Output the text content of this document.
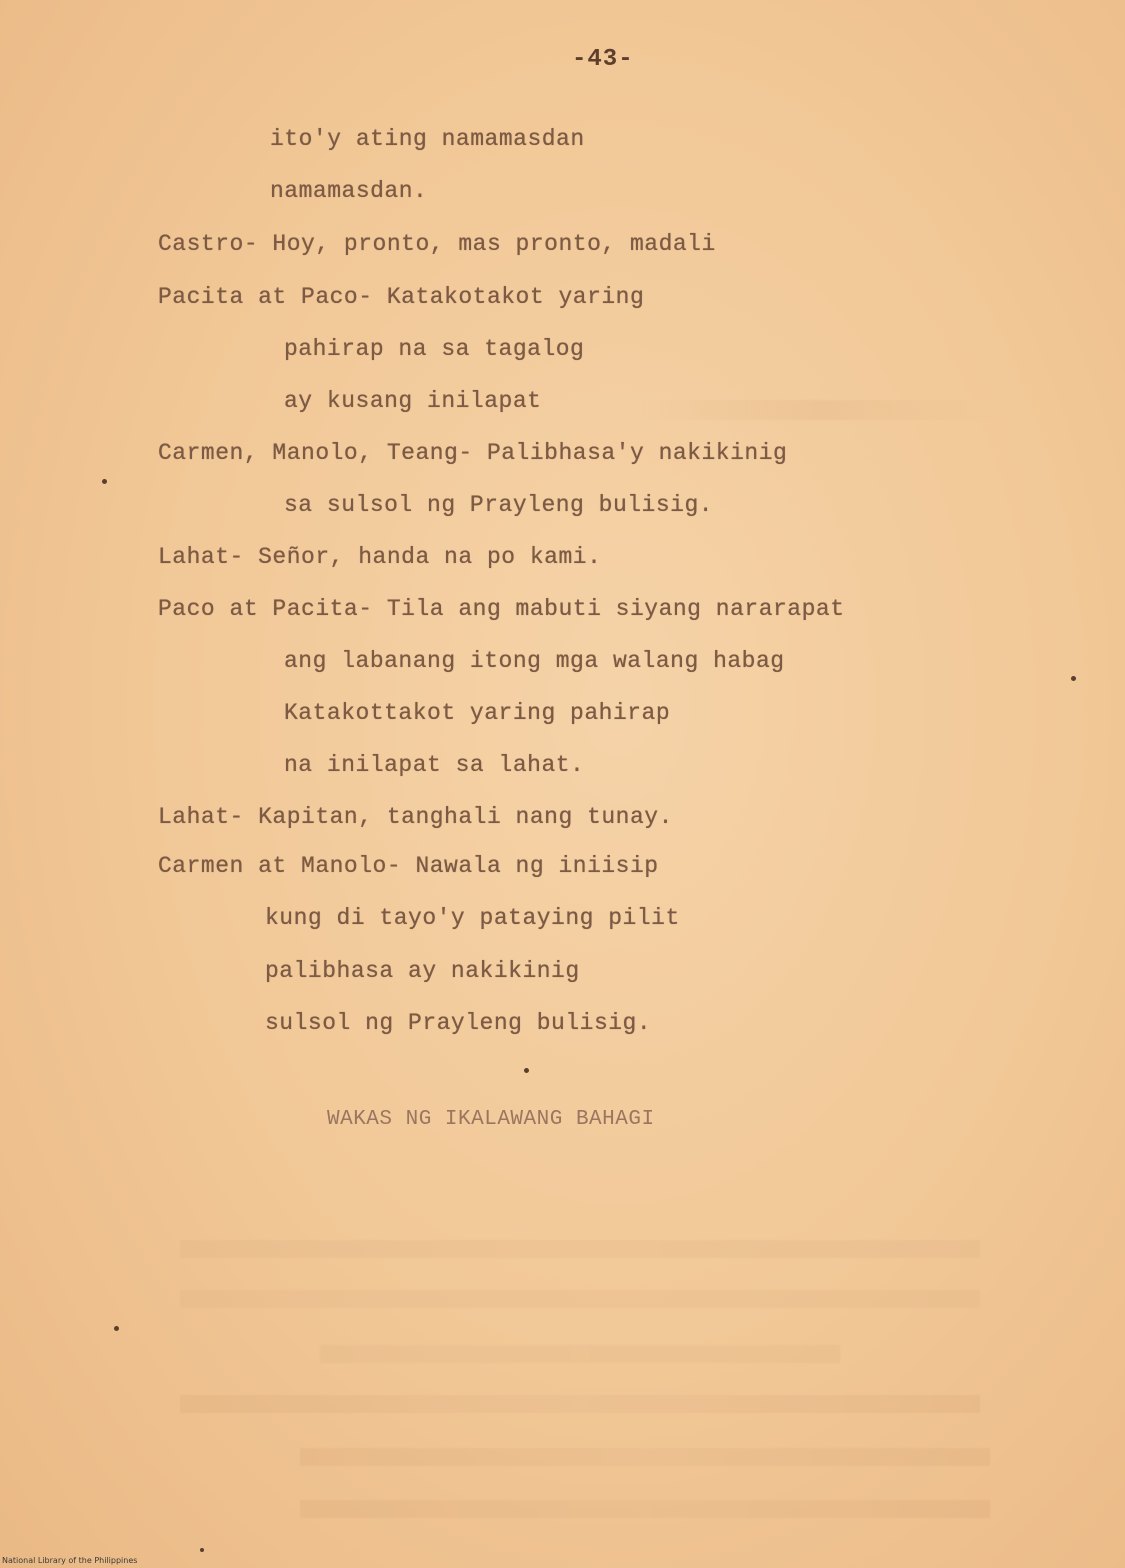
-43-
ito'y ating namamasdan
namamasdan.
Castro- Hoy, pronto, mas pronto, madali
Pacita at Paco- Katakotakot yaring
pahirap na sa tagalog
ay kusang inilapat
Carmen, Manolo, Teang- Palibhasa'y nakikinig
sa sulsol ng Prayleng bulisig.
Lahat- Señor, handa na po kami.
Paco at Pacita- Tila ang mabuti siyang nararapat
ang labanang itong mga walang habag
Katakottakot yaring pahirap
na inilapat sa lahat.
Lahat- Kapitan, tanghali nang tunay.
Carmen at Manolo- Nawala ng iniisip
kung di tayo'y pataying pilit
palibhasa ay nakikinig
sulsol ng Prayleng bulisig.
WAKAS NG IKALAWANG BAHAGI
National Library of the Philippines
